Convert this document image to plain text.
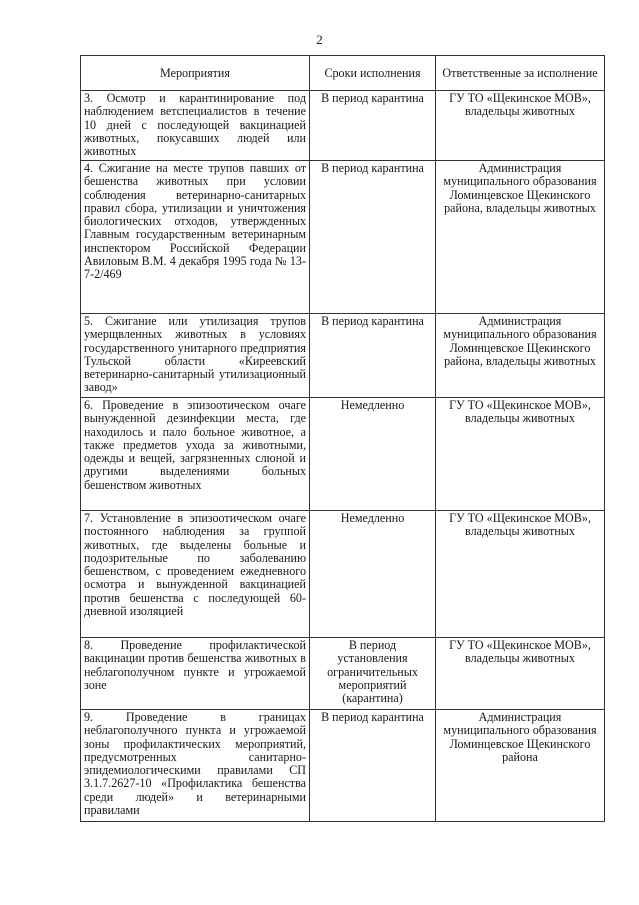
2
Мероприятия	Сроки исполнения	Ответственные за исполнение
3. Осмотр и карантинирование под наблюдением ветспециалистов в течение 10 дней с последующей вакцинацией животных, покусавших людей или животных	В период карантина	ГУ ТО «Щекинское МОВ», владельцы животных
4. Сжигание на месте трупов павших от бешенства животных при условии соблюдения ветеринарно-санитарных правил сбора, утилизации и уничтожения биологических отходов, утвержденных Главным государственным ветеринарным инспектором Российской Федерации Авиловым В.М. 4 декабря 1995 года № 13-7-2/469	В период карантина	Администрация муниципального образования Ломинцевское Щекинского района, владельцы животных
5. Сжигание или утилизация трупов умерщвленных животных в условиях государственного унитарного предприятия Тульской области «Киреевский ветеринарно-санитарный утилизационный завод»	В период карантина	Администрация муниципального образования Ломинцевское Щекинского района, владельцы животных
6. Проведение в эпизоотическом очаге вынужденной дезинфекции места, где находилось и пало больное животное, а также предметов ухода за животными, одежды и вещей, загрязненных слюной и другими выделениями больных бешенством животных	Немедленно	ГУ ТО «Щекинское МОВ», владельцы животных
7. Установление в эпизоотическом очаге постоянного наблюдения за группой животных, где выделены больные и подозрительные по заболеванию бешенством, с проведением ежедневного осмотра и вынужденной вакцинацией против бешенства с последующей 60-дневной изоляцией	Немедленно	ГУ ТО «Щекинское МОВ», владельцы животных
8. Проведение профилактической вакцинации против бешенства животных в неблагополучном пункте и угрожаемой зоне	В период установления ограничительных мероприятий (карантина)	ГУ ТО «Щекинское МОВ», владельцы животных
9. Проведение в границах неблагополучного пункта и угрожаемой зоны профилактических мероприятий, предусмотренных санитарно-эпидемиологическими правилами СП 3.1.7.2627-10 «Профилактика бешенства среди людей» и ветеринарными правилами	В период карантина	Администрация муниципального образования Ломинцевское Щекинского района
